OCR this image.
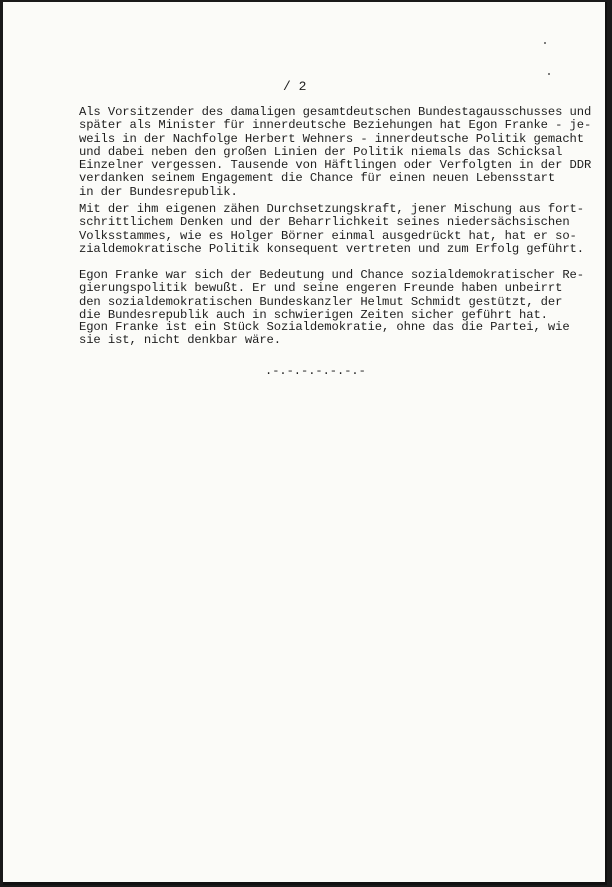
/ 2

Als Vorsitzender des damaligen gesamtdeutschen Bundestagausschusses und
später als Minister für innerdeutsche Beziehungen hat Egon Franke - je-
weils in der Nachfolge Herbert Wehners - innerdeutsche Politik gemacht
und dabei neben den großen Linien der Politik niemals das Schicksal
Einzelner vergessen. Tausende von Häftlingen oder Verfolgten in der DDR
verdanken seinem Engagement die Chance für einen neuen Lebensstart
in der Bundesrepublik.

Mit der ihm eigenen zähen Durchsetzungskraft, jener Mischung aus fort-
schrittlichem Denken und der Beharrlichkeit seines niedersächsischen
Volksstammes, wie es Holger Börner einmal ausgedrückt hat, hat er so-
zialdemokratische Politik konsequent vertreten und zum Erfolg geführt.

Egon Franke war sich der Bedeutung und Chance sozialdemokratischer Re-
gierungspolitik bewußt. Er und seine engeren Freunde haben unbeirrt
den sozialdemokratischen Bundeskanzler Helmut Schmidt gestützt, der
die Bundesrepublik auch in schwierigen Zeiten sicher geführt hat.

Egon Franke ist ein Stück Sozialdemokratie, ohne das die Partei, wie
sie ist, nicht denkbar wäre.

.-.-.-.-.-.-.-
